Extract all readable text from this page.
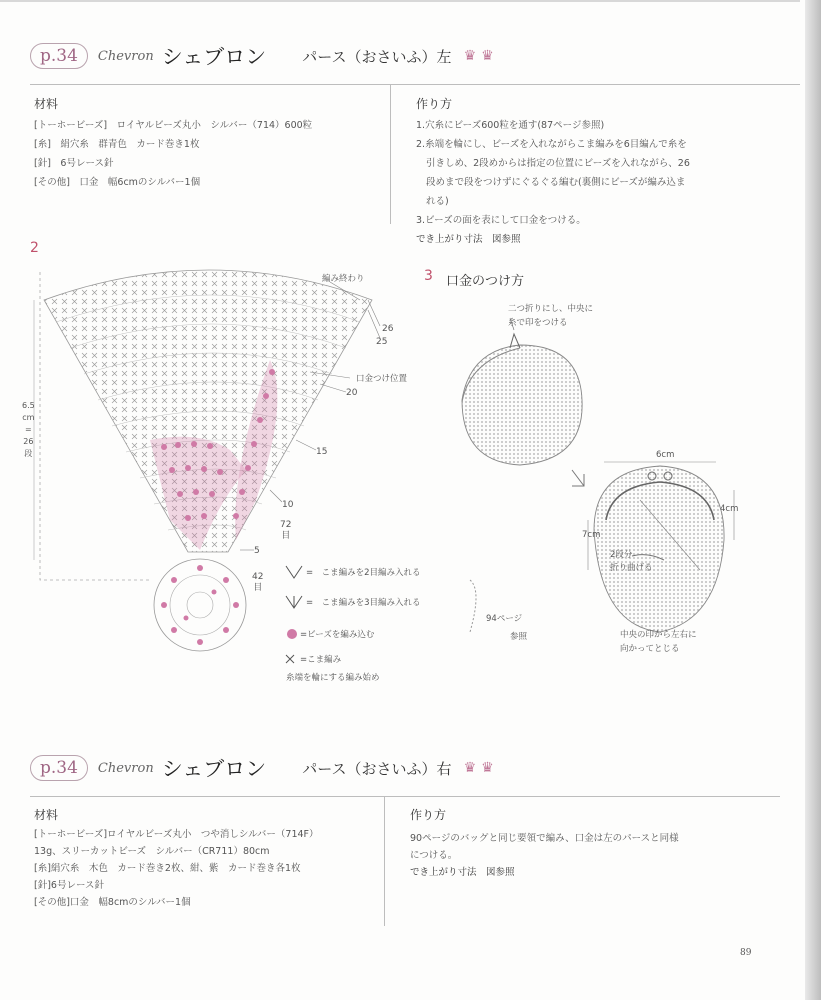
p.34	Chevron シェブロン パース（おさいふ）左 ♛♛
材料
[トーホービーズ]　ロイヤルビーズ丸小　シルバー（714）600粒
[糸]　絹穴糸　群青色　カード巻き1枚
[針]　6号レース針
[その他]　口金　幅6cmのシルバー1個
作り方
1.穴糸にビーズ600粒を通す(87ページ参照)
2.糸端を輪にし、ビーズを入れながらこま編みを6目編んで糸を
引きしめ、2段めからは指定の位置にビーズを入れながら、26
段めまで段をつけずにぐるぐる編む(裏側にビーズが編み込ま
れる)
3.ビーズの面を表にして口金をつける。
でき上がり寸法　図参照
2
編み終わり
26
25
口金つけ位置
20
15
10
72
目
5
42
目
6.5
cm
=
26
段
=　こま編みを2目編み入れる
=　こま編みを3目編み入れる
=ビーズを編み込む
=こま編み
糸端を輪にする編み始め
94ページ
参照
3 口金のつけ方
二つ折りにし、中央に
糸で印をつける
6cm
4cm
7cm
2段分
折り曲げる
中央の印から左右に
向かってとじる
p.34	Chevron シェブロン パース（おさいふ）右 ♛♛
材料
[トーホービーズ]ロイヤルビーズ丸小　つや消しシルバー（714F）
13g、スリーカットビーズ　シルバー（CR711）80cm
[糸]絹穴糸　木色　カード巻き2枚、紺、紫　カード巻き各1枚
[針]6号レース針
[その他]口金　幅8cmのシルバー1個
作り方
90ページのバッグと同じ要領で編み、口金は左のパースと同様
につける。
でき上がり寸法　図参照
89
